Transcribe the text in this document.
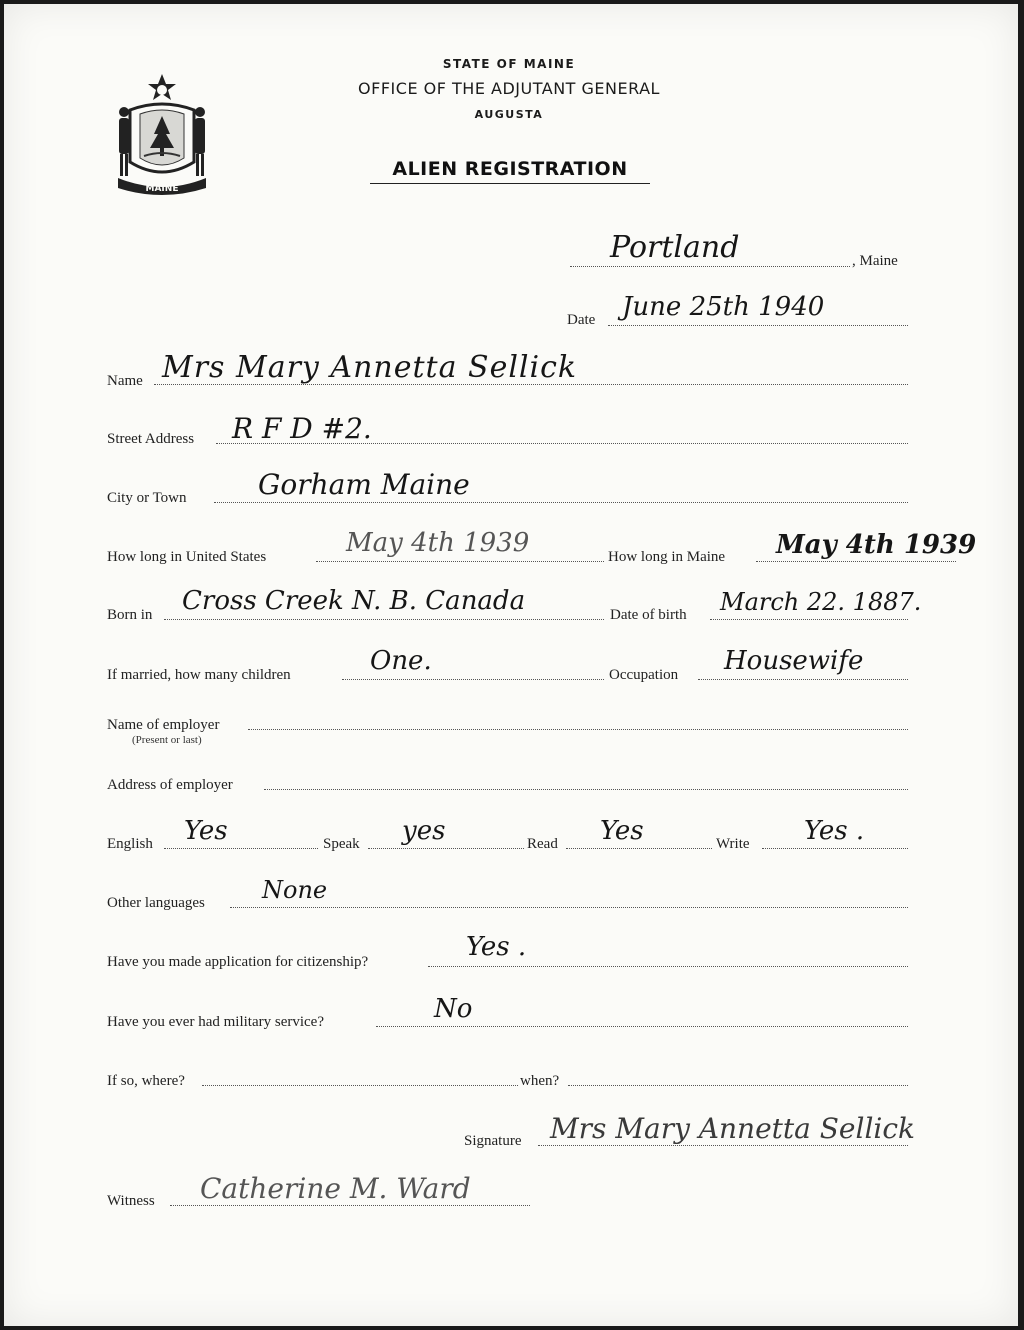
MAINE
STATE OF MAINE
OFFICE OF THE ADJUTANT GENERAL
AUGUSTA
ALIEN REGISTRATION
Portland	, Maine
Date June 25th 1940
Name Mrs Mary Annetta Sellick
Street Address R F D #2.
City or Town	Gorham Maine
How long in United States	May 4th 1939	How long in Maine May 4th 1939
Born in Cross Creek N. B. Canada	Date of birth March 22. 1887.
If married, how many children	One.	Occupation Housewife
Name of employer
(Present or last)
Address of employer
English Yes	Speak yes	Read Yes	Write Yes .
Other languages None
Have you made application for citizenship?	Yes .
Have you ever had military service?	No
If so, where?	when?
Signature Mrs Mary Annetta Sellick
Witness Catherine M. Ward
